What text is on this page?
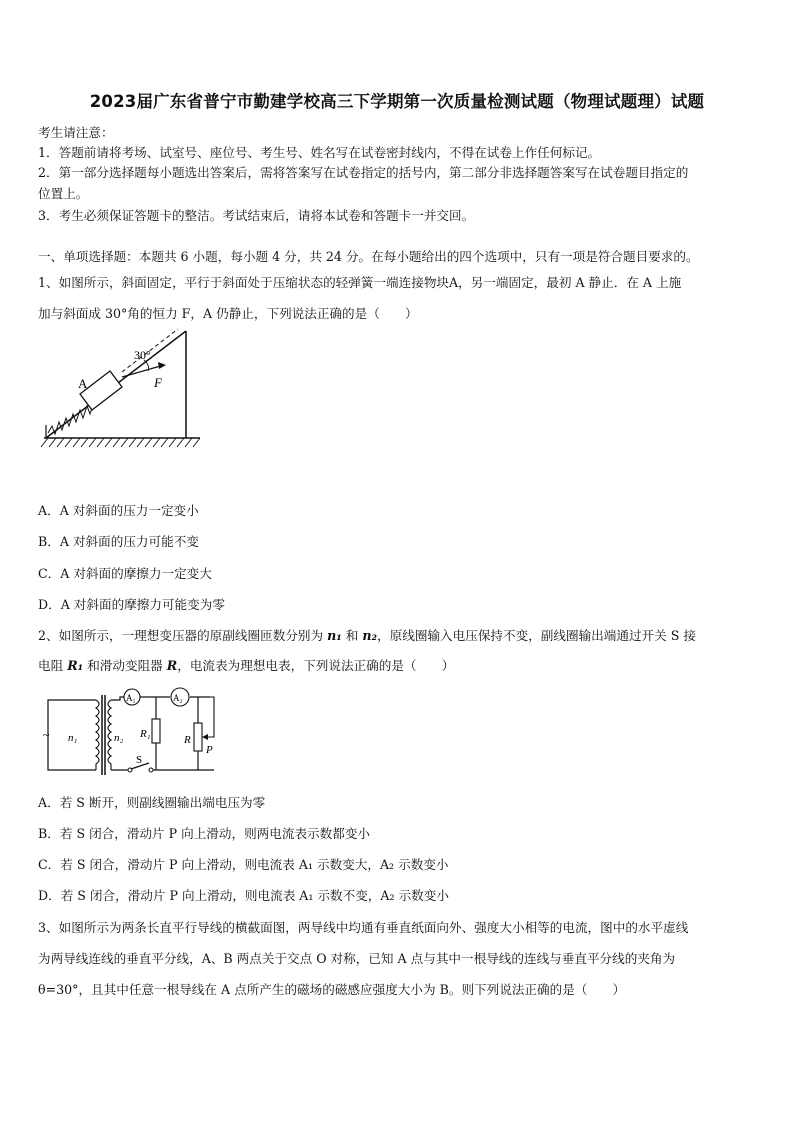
2023届广东省普宁市勤建学校高三下学期第一次质量检测试题（物理试题理）试题
考生请注意：
1．答题前请将考场、试室号、座位号、考生号、姓名写在试卷密封线内，不得在试卷上作任何标记。
2．第一部分选择题每小题选出答案后，需将答案写在试卷指定的括号内，第二部分非选择题答案写在试卷题目指定的
位置上。
3．考生必须保证答题卡的整洁。考试结束后，请将本试卷和答题卡一并交回。
一、单项选择题：本题共 6 小题，每小题 4 分，共 24 分。在每小题给出的四个选项中，只有一项是符合题目要求的。
1、如图所示，斜面固定，平行于斜面处于压缩状态的轻弹簧一端连接物块A，另一端固定，最初 A 静止．在 A 上施
加与斜面成 30°角的恒力 F，A 仍静止，下列说法正确的是（　　）
A
30°
F
A．A 对斜面的压力一定变小
B．A 对斜面的压力可能不变
C．A 对斜面的摩擦力一定变大
D．A 对斜面的摩擦力可能变为零
2、如图所示，一理想变压器的原副线圈匝数分别为 n₁ 和 n₂，原线圈输入电压保持不变，副线圈输出端通过开关 S 接
电阻 R₁ 和滑动变阻器 R，电流表为理想电表，下列说法正确的是（　　）
~ n₁	n₂
A₁	A₂
R₁	R
P
S
A．若 S 断开，则副线圈输出端电压为零
B．若 S 闭合，滑动片 P 向上滑动，则两电流表示数都变小
C．若 S 闭合，滑动片 P 向上滑动，则电流表 A₁ 示数变大，A₂ 示数变小
D．若 S 闭合，滑动片 P 向上滑动，则电流表 A₁ 示数不变，A₂ 示数变小
3、如图所示为两条长直平行导线的横截面图，两导线中均通有垂直纸面向外、强度大小相等的电流，图中的水平虚线
为两导线连线的垂直平分线，A、B 两点关于交点 O 对称，已知 A 点与其中一根导线的连线与垂直平分线的夹角为
θ=30°，且其中任意一根导线在 A 点所产生的磁场的磁感应强度大小为 B。则下列说法正确的是（　　）
